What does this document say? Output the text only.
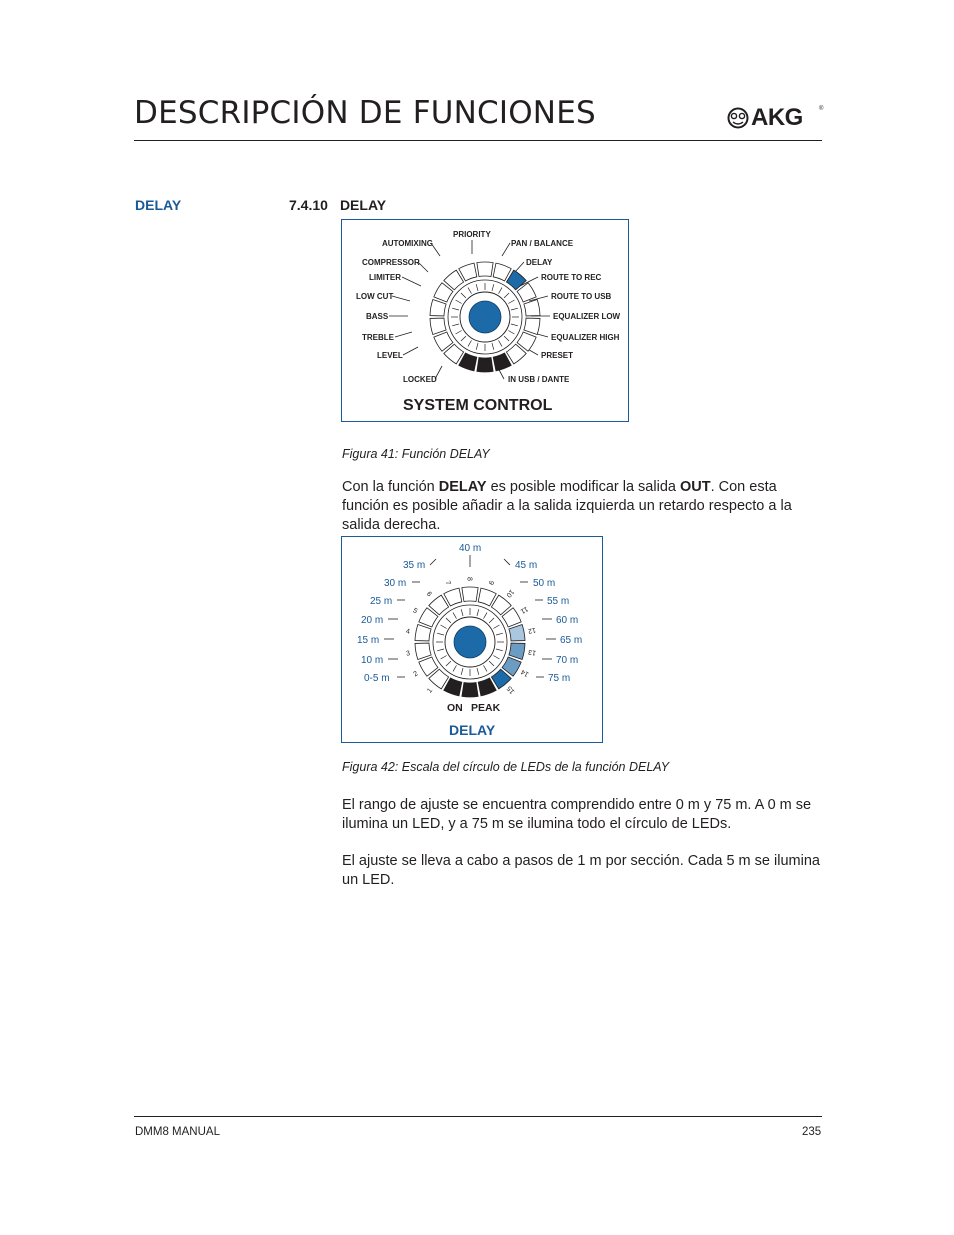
DESCRIPCIÓN DE FUNCIONES	AKG	®
DELAY	7.4.10 DELAY
PRIORITY
AUTOMIXING	PAN / BALANCE
COMPRESSOR	DELAY
LIMITER	ROUTE TO REC
LOW CUT	ROUTE TO USB
BASS	EQUALIZER LOW
TREBLE	EQUALIZER HIGH
LEVEL	PRESET
LOCKED	IN USB / DANTE
SYSTEM CONTROL
Figura 41: Función DELAY

Con la función DELAY es posible modificar la salida OUT. Con esta función es posible añadir a la salida izquierda un retardo respecto a la salida derecha.

40 m
35 m	45 m
30 m	50 m
25 m	55 m
20 m	60 m
15 m	65 m
10 m	70 m
0-5 m	75 m
1
2
3
4
5
6
7
8
9
10
11
12
13
14
15
ON PEAK
DELAY
Figura 42: Escala del círculo de LEDs de la función DELAY

El rango de ajuste se encuentra comprendido entre 0 m y 75 m. A 0 m se ilumina un LED, y a 75 m se ilumina todo el círculo de LEDs.

El ajuste se lleva a cabo a pasos de 1 m por sección. Cada 5 m se ilumina un LED.

DMM8 MANUAL	235
